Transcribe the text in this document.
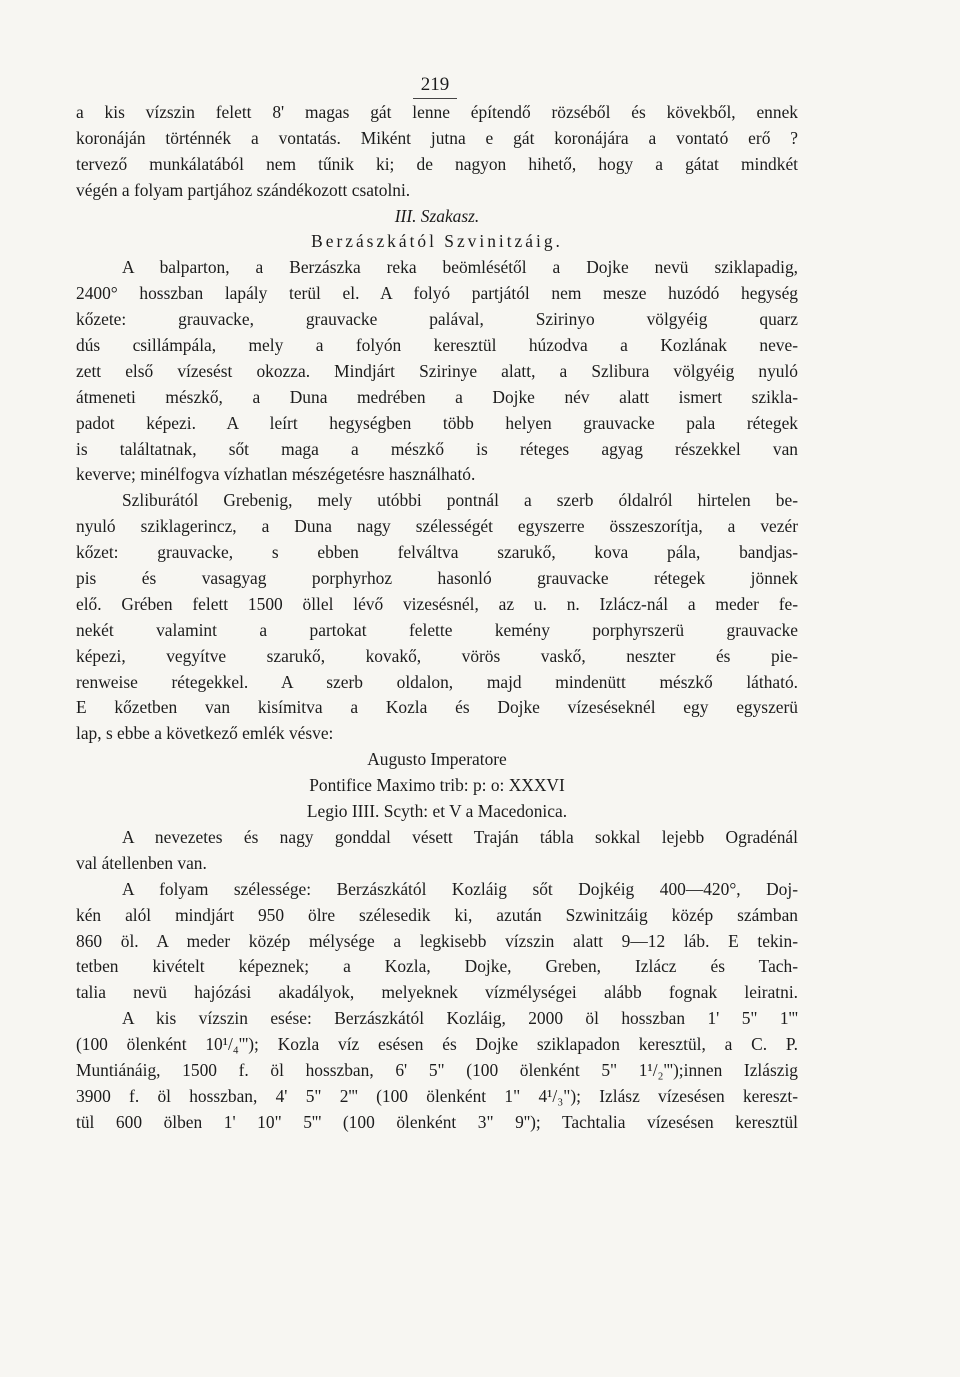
219
a kis vízszin felett 8' magas gát lenne építendő rözséből és kövekből, ennek
koronáján történnék a vontatás. Miként jutna e gát koronájára a vontató erő ?
tervező munkálatából nem tűnik ki; de nagyon hihető, hogy a gátat mindkét
végén a folyam partjához szándékozott csatolni.
III. Szakasz.
Berzászkától Szvinitzáig.
A balparton, a Berzászka reka beömlésétől a Dojke nevü sziklapadig,
2400° hosszban lapály terül el. A folyó partjától nem mesze huzódó hegység
kőzete: grauvacke, grauvacke palával, Szirinyo völgyéig quarz
dús csillámpála, mely a folyón keresztül húzodva a Kozlának neve-
zett első vízesést okozza. Mindjárt Szirinye alatt, a Szlibura völgyéig nyuló
átmeneti mészkő, a Duna medrében a Dojke név alatt ismert szikla-
padot képezi. A leírt hegységben több helyen grauvacke pala rétegek
is találtatnak, sőt maga a mészkő is réteges agyag részekkel van
keverve; minélfogva vízhatlan mészégetésre használható.
Szliburától Grebenig, mely utóbbi pontnál a szerb óldalról hirtelen be-
nyuló sziklagerincz, a Duna nagy szélességét egyszerre összeszorítja, a vezér
kőzet: grauvacke, s ebben felváltva szarukő, kova pála, bandjas-
pis és vasagyag porphyrhoz hasonló grauvacke rétegek jönnek
elő. Grében felett 1500 öllel lévő vizesésnél, az u. n. Izlácz-nál a meder fe-
nekét valamint a partokat felette kemény porphyrszerü grauvacke
képezi, vegyítve szarukő, kovakő, vörös vaskő, neszter és pie-
renweise rétegekkel. A szerb oldalon, majd mindenütt mészkő látható.
E kőzetben van kisímitva a Kozla és Dojke vízeséseknél egy egyszerü
lap, s ebbe a következő emlék vésve:
Augusto Imperatore
Pontifice Maximo trib: p: o: XXXVI
Legio IIII. Scyth: et V a Macedonica.
A nevezetes és nagy gonddal vésett Traján tábla sokkal lejebb Ogradénál
val átellenben van.
A folyam szélessége: Berzászkától Kozláig sőt Dojkéig 400—420°, Doj-
kén alól mindjárt 950 ölre szélesedik ki, azután Szwinitzáig közép számban
860 öl. A meder közép mélysége a legkisebb vízszin alatt 9—12 láb. E tekin-
tetben kivételt képeznek; a Kozla, Dojke, Greben, Izlácz és Tach-
talia nevü hajózási akadályok, melyeknek vízmélységei alább fognak leiratni.
A kis vízszin esése: Berzászkától Kozláig, 2000 öl hosszban 1' 5" 1'''
(100 ölenként 10¹/₄'''); Kozla víz esésen és Dojke sziklapadon keresztül, a C. P.
Muntiánáig, 1500 f. öl hosszban, 6' 5" (100 ölenként 5" 1¹/₂''');innen Izlászig
3900 f. öl hosszban, 4' 5" 2''' (100 ölenként 1" 4¹/₃"); Izlász vízesésen kereszt-
tül 600 ölben 1' 10" 5''' (100 ölenként 3" 9''); Tachtalia vízesésen keresztül
